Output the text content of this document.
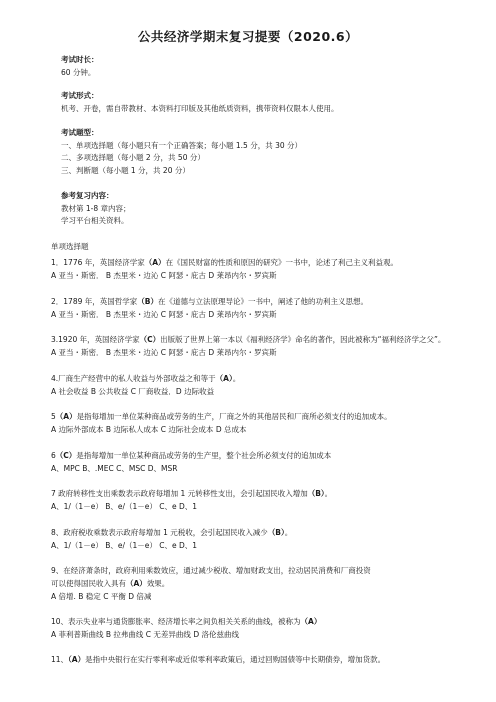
公共经济学期末复习提要（2020.6）
考试时长：
60 分钟。
考试形式：
机考、开卷，需自带教材、本资料打印版及其他纸质资料，携带资料仅限本人使用。
考试题型：
一、单项选择题（每小题只有一个正确答案；每小题 1.5 分，共 30 分）
二、多项选择题（每小题 2 分，共 50 分）
三、判断题（每小题 1 分，共 20 分）
参考复习内容：
教材第 1-8 章内容；
学习平台相关资料。
单项选择题
1．1776 年，英国经济学家（A）在《国民财富的性质和原因的研究》一书中，论述了利己主义利益观。
A 亚当・斯密． B 杰里米・边沁 C 阿瑟・庇古 D 莱昂内尔・罗宾斯
2．1789 年，英国哲学家（B）在《道德与立法原理导论》一书中，阐述了他的功利主义思想。
A 亚当・斯密． B 杰里米・边沁 C 阿瑟・庇古 D 莱昂内尔・罗宾斯
3.1920 年，英国经济学家（C）出版版了世界上第一本以《福利经济学》命名的著作，因此被称为“福利经济学之父”。
A 亚当・斯密． B 杰里米・边沁 C 阿瑟・庇古 D 莱昂内尔・罗宾斯
4.厂商生产经营中的私人收益与外部收益之和等于（A）。
A 社会收益 B 公共收益 C 厂商收益．D 边际收益
5（A）是指每增加一单位某种商品或劳务的生产，厂商之外的其他居民和厂商所必须支付的追加成本。
A 边际外部成本 B 边际私人成本 C 边际社会成本 D 总成本
6（C）是指每增加一单位某种商品或劳务的生产里，整个社会所必须支付的追加成本
A、MPC B、.MEC C、MSC D、MSR
7 政府转移性支出乘数表示政府每增加 1 元转移性支出，会引起国民收入增加（B）。
A、1/（1－e） B、e/（1－e） C、e D、1
8、政府税收乘数表示政府每增加 1 元税收，会引起国民收入减少（B）。
A、1/（1－e） B、e/（1－e） C、e D、1
9、在经济萧条时，政府利用乘数效应，通过减少税收、增加财政支出，拉动居民消费和厂商投资
可以使得国民收入具有（A）效果。
A 倍增. B 稳定 C 平衡 D 倍减
10、表示失业率与通货膨胀率、经济增长率之间负相关关系的曲线，被称为（A）
A 菲利普斯曲线 B 拉弗曲线 C 无差异曲线 D 洛伦兹曲线
11、（A）是指中央银行在实行零利率或近似零利率政策后，通过回购国债等中长期债券，增加货款。
